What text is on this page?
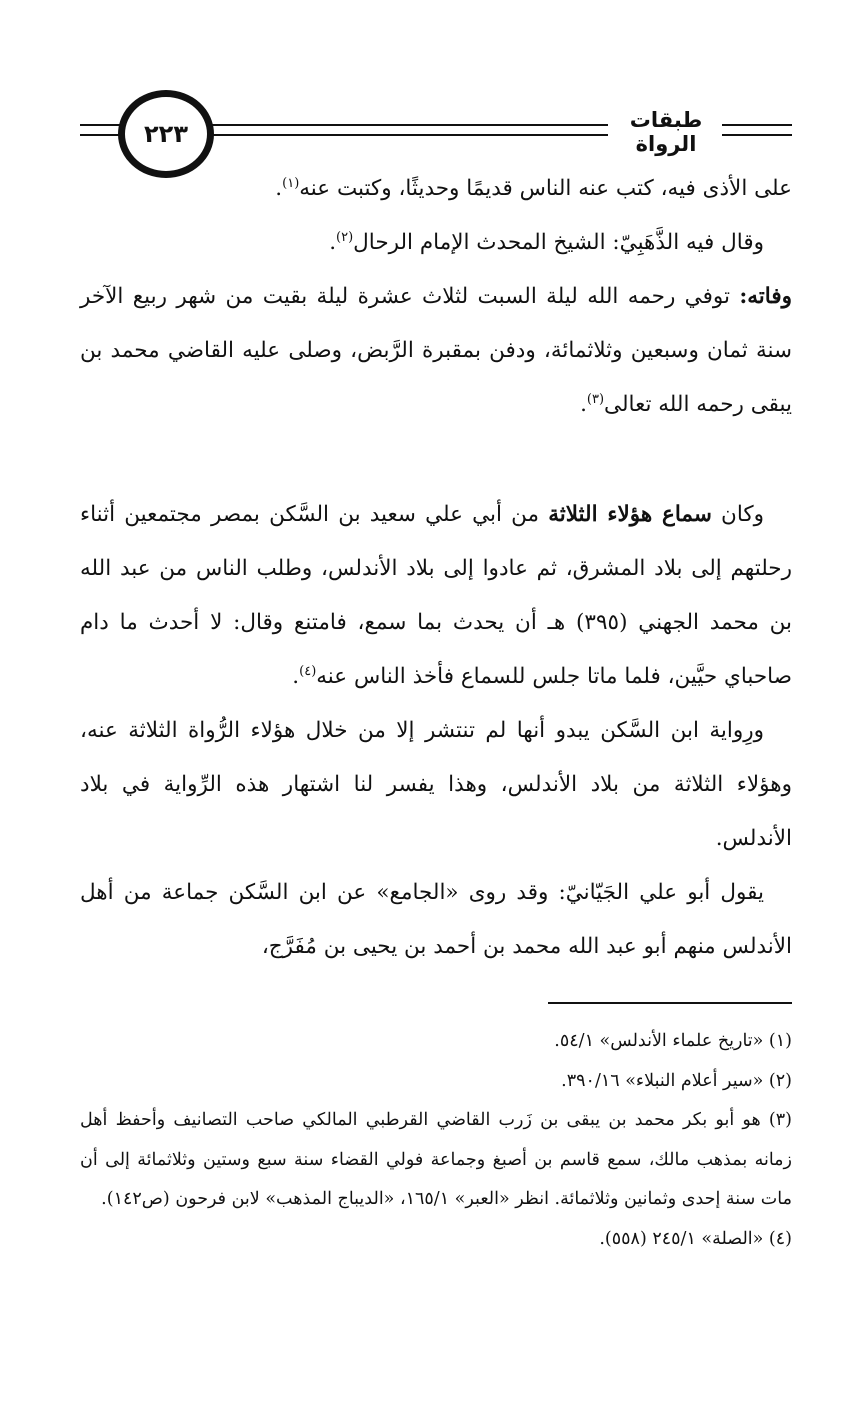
٢٢٣	طبقات الرواة

على الأذى فيه، كتب عنه الناس قديمًا وحديثًا، وكتبت عنه$^{(١)}$.

وقال فيه الذَّهَبِيّ: الشيخ المحدث الإمام الرحال$^{(٢)}$.

وفاته: توفي رحمه الله ليلة السبت لثلاث عشرة ليلة بقيت من شهر ربيع الآخر سنة ثمان وسبعين وثلاثمائة، ودفن بمقبرة الرَّبض، وصلى عليه القاضي محمد بن يبقى رحمه الله تعالى$^{(٣)}$.

وكان سماع هؤلاء الثلاثة من أبي علي سعيد بن السَّكن بمصر مجتمعين أثناء رحلتهم إلى بلاد المشرق، ثم عادوا إلى بلاد الأندلس، وطلب الناس من عبد الله بن محمد الجهني (٣٩٥) هـ أن يحدث بما سمع، فامتنع وقال: لا أحدث ما دام صاحباي حيَّين، فلما ماتا جلس للسماع فأخذ الناس عنه$^{(٤)}$.

ورِواية ابن السَّكن يبدو أنها لم تنتشر إلا من خلال هؤلاء الرُّواة الثلاثة عنه، وهؤلاء الثلاثة من بلاد الأندلس، وهذا يفسر لنا اشتهار هذه الرِّواية في بلاد الأندلس.

يقول أبو علي الجَيّانيّ: وقد روى «الجامع» عن ابن السَّكن جماعة من أهل الأندلس منهم أبو عبد الله محمد بن أحمد بن يحيى بن مُفَرَّج،

(١) «تاريخ علماء الأندلس» ٥٤/١.

(٢) «سير أعلام النبلاء» ٣٩٠/١٦.

(٣) هو أبو بكر محمد بن يبقى بن زَرب القاضي القرطبي المالكي صاحب التصانيف وأحفظ أهل زمانه بمذهب مالك، سمع قاسم بن أصبغ وجماعة فولي القضاء سنة سبع وستين وثلاثمائة إلى أن مات سنة إحدى وثمانين وثلاثمائة. انظر «العبر» ١٦٥/١، «الديباج المذهب» لابن فرحون (ص١٤٢).

(٤) «الصلة» ٢٤٥/١ (٥٥٨).
